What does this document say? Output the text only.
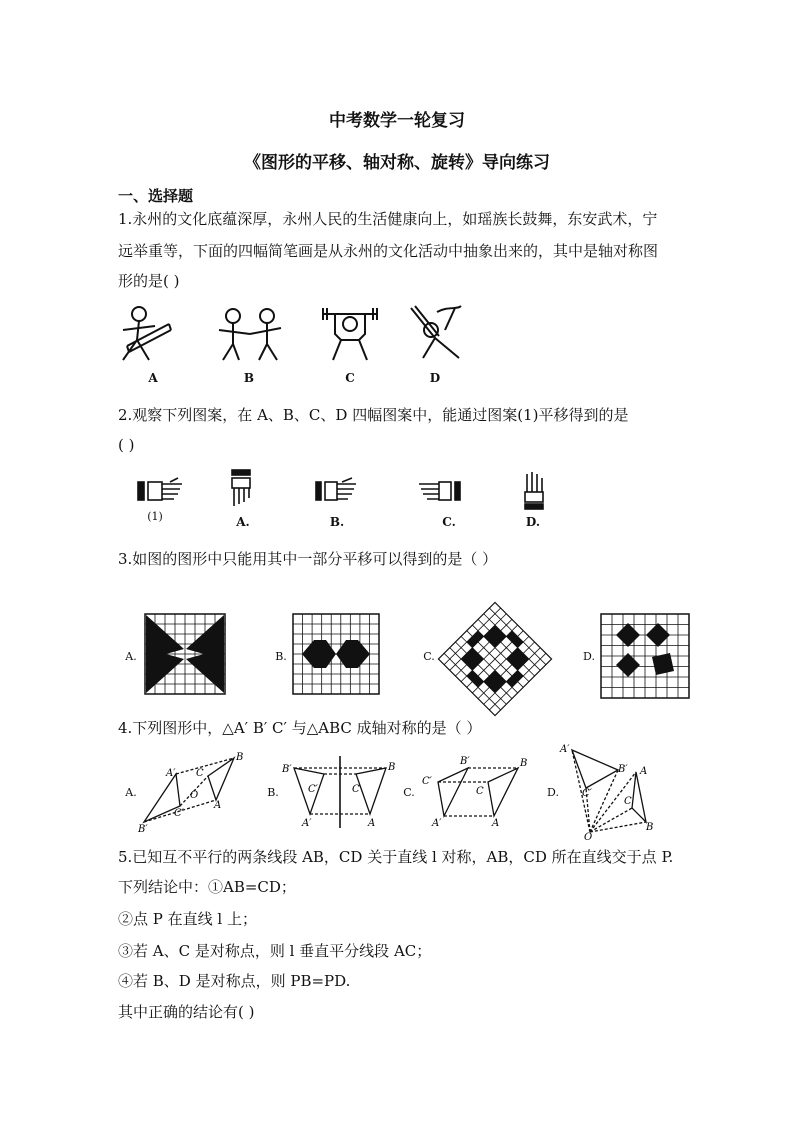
中考数学一轮复习
《图形的平移、轴对称、旋转》导向练习
一、选择题
1.永州的文化底蕴深厚，永州人民的生活健康向上，如瑶族长鼓舞，东安武术，宁
远举重等，下面的四幅简笔画是从永州的文化活动中抽象出来的，其中是轴对称图
形的是( )
A	B	C	D
2.观察下列图案，在 A、B、C、D 四幅图案中，能通过图案(1)平移得到的是
( )
(1)	A.	B.	C.	D.
3.如图的图形中只能用其中一部分平移可以得到的是（ ）
A.	B.	C.	D.
4.下列图形中，△A′ B′ C′ 与△ABC 成轴对称的是（ ）
A.	B.	C.	D.
A′
B′
C′
B
C
A
O
B′
C′
A′
B
C
A
C′
B′
A′
C
B
A
A′
B′
C′
A
C
B
O
5.已知互不平行的两条线段 AB，CD 关于直线 l 对称，AB，CD 所在直线交于点 P.
下列结论中：①AB=CD；
②点 P 在直线 l 上；
③若 A、C 是对称点，则 l 垂直平分线段 AC；
④若 B、D 是对称点，则 PB=PD.
其中正确的结论有( )
